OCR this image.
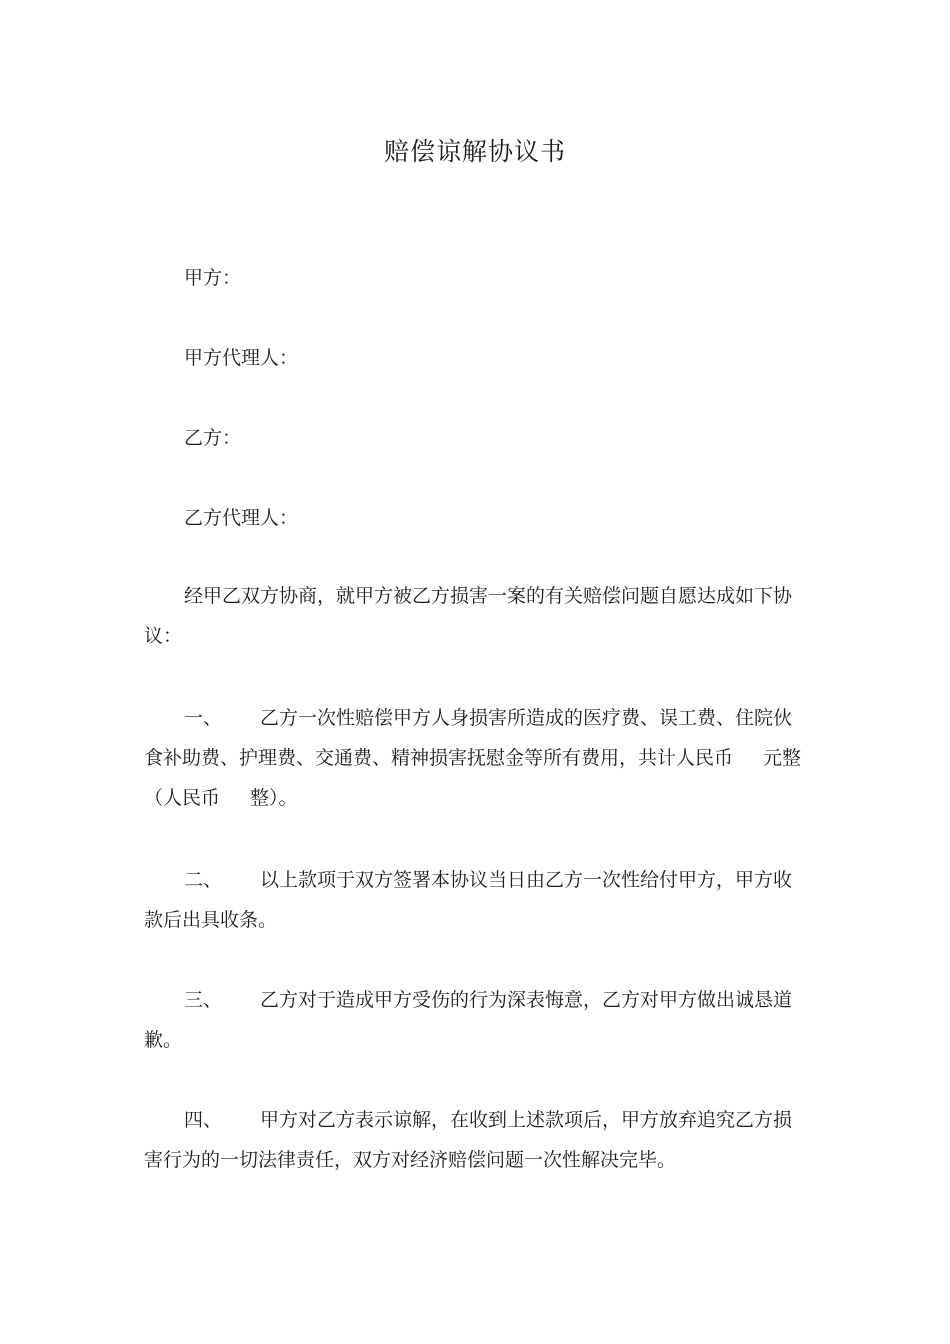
赔偿谅解协议书
甲方：
甲方代理人：
乙方：
乙方代理人：
经甲乙双方协商，就甲方被乙方损害一案的有关赔偿问题自愿达成如下协
议：
一、 乙方一次性赔偿甲方人身损害所造成的医疗费、误工费、住院伙
食补助费、护理费、交通费、精神损害抚慰金等所有费用，共计人民币 元整
（人民币 整）。
二、 以上款项于双方签署本协议当日由乙方一次性给付甲方，甲方收
款后出具收条。
三、 乙方对于造成甲方受伤的行为深表悔意，乙方对甲方做出诚恳道
歉。
四、 甲方对乙方表示谅解，在收到上述款项后，甲方放弃追究乙方损
害行为的一切法律责任，双方对经济赔偿问题一次性解决完毕。
